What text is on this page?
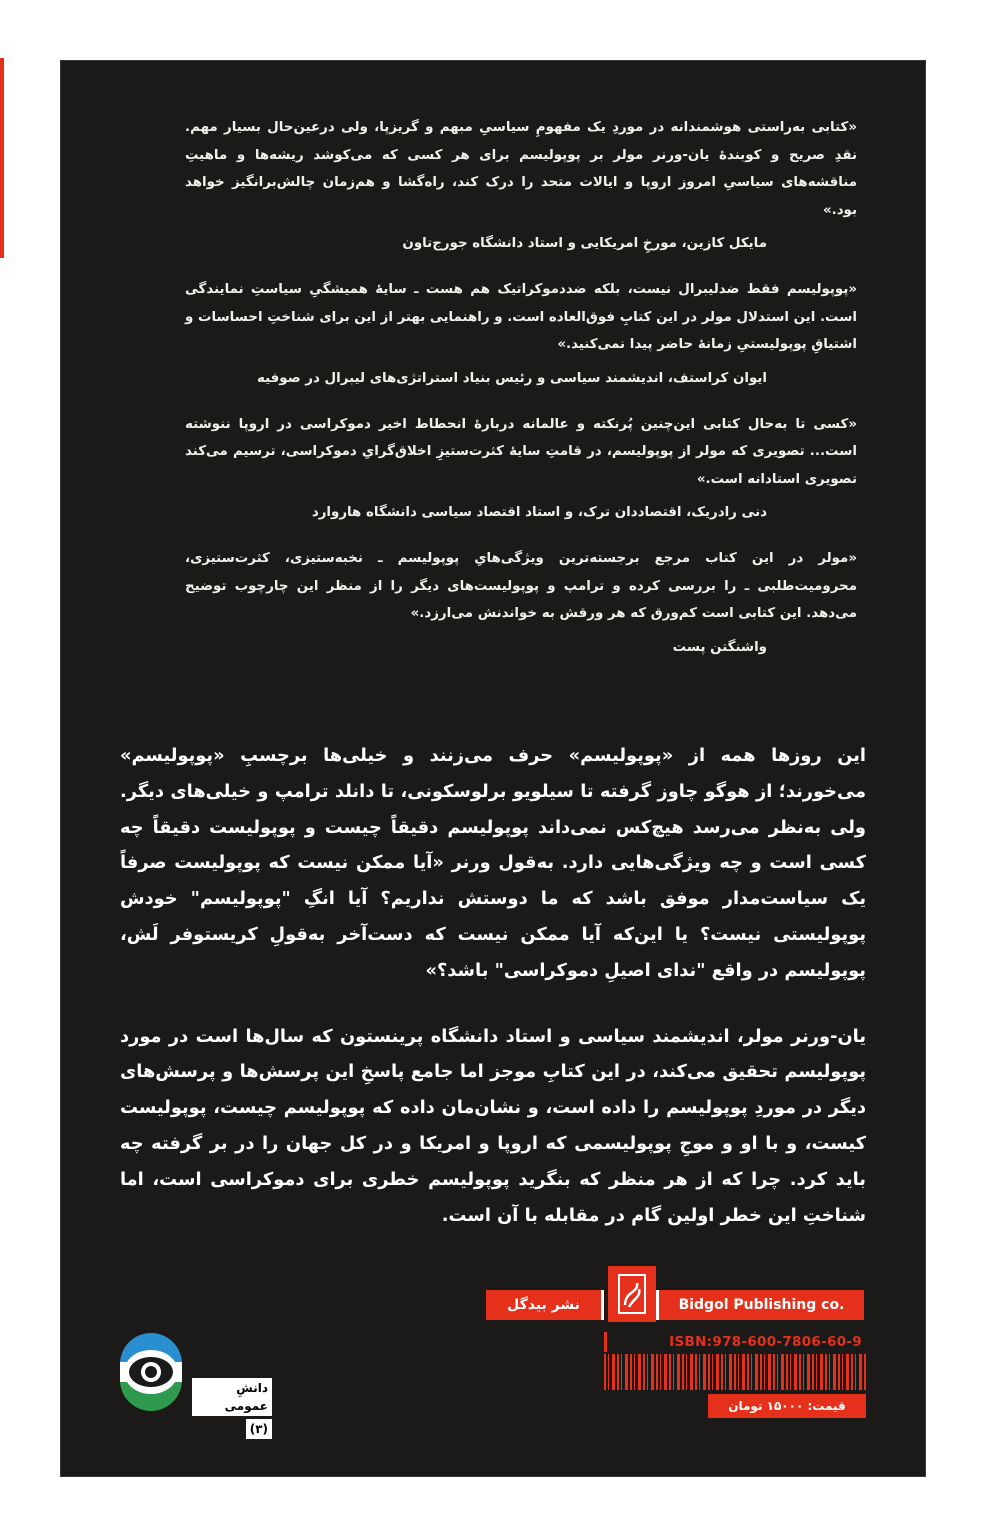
«کتابی به‌راستی هوشمندانه در موردِ یک مفهومِ سیاسیِ مبهم و گریزپا، ولی درعین‌حال بسیار مهم. نقدِ صریح و کوبندهٔ یان-ورنر مولر بر پوپولیسم برای هر کسی که می‌کوشد ریشه‌ها و ماهیتِ مناقشه‌های سیاسیِ امروز اروپا و ایالات متحد را درک کند، راه‌گشا و هم‌زمان چالش‌برانگیز خواهد بود.»

مایکل کازین، مورخِ امریکایی و استاد دانشگاه جورج‌تاون

«پوپولیسم فقط ضدلیبرال نیست، بلکه ضددموکراتیک هم هست ـ سایهٔ همیشگیِ سیاستِ نمایندگی است. این استدلال مولر در این کتابِ فوق‌العاده است. و راهنمایی بهتر از این برای شناختِ احساسات و اشتیاقِ پوپولیستیِ زمانهٔ حاضر پیدا نمی‌کنید.»

ایوان کراستف، اندیشمند سیاسی و رئیس بنیاد استراتژی‌های لیبرال در صوفیه

«کسی تا به‌حال کتابی این‌چنین پُرنکته و عالمانه دربارهٔ انحطاط اخیر دموکراسی در اروپا ننوشته است... تصویری که مولر از پوپولیسم، در قامتِ سایهٔ کثرت‌ستیزِ اخلاق‌گرایِ دموکراسی، ترسیم می‌کند تصویری استادانه است.»

دنی رادریک، اقتصاددان ترک، و استاد اقتصاد سیاسی دانشگاه هاروارد

«مولر در این کتاب مرجع برجسته‌ترین ویژگی‌هایِ پوپولیسم ـ نخبه‌ستیزی، کثرت‌ستیزی، محرومیت‌طلبی ـ را بررسی کرده و ترامپ و پوپولیست‌های دیگر را از منظر این چارچوب توضیح می‌دهد. این کتابی است کم‌ورق که هر ورقش به خواندنش می‌ارزد.»

واشنگتن پست

این روزها همه از «پوپولیسم» حرف می‌زنند و خیلی‌ها برچسبِ «پوپولیسم» می‌خورند؛ از هوگو چاوز گرفته تا سیلویو برلوسکونی، تا دانلد ترامپ و خیلی‌های دیگر. ولی به‌نظر می‌رسد هیچ‌کس نمی‌داند پوپولیسم دقیقاً چیست و پوپولیست دقیقاً چه کسی است و چه ویژگی‌هایی دارد. به‌قول ورنر «آیا ممکن نیست که پوپولیست صرفاً یک سیاست‌مدار موفق باشد که ما دوستش نداریم؟ آیا انگِ "پوپولیسم" خودش پوپولیستی نیست؟ یا این‌که آیا ممکن نیست که دست‌آخر به‌قولِ کریستوفر لَش، پوپولیسم در واقع "ندای اصیلِ دموکراسی" باشد؟»

یان-ورنر مولر، اندیشمند سیاسی و استاد دانشگاه پرینستون که سال‌ها است در مورد پوپولیسم تحقیق می‌کند، در این کتابِ موجز اما جامع پاسخِ این پرسش‌ها و پرسش‌های دیگر در موردِ پوپولیسم را داده است، و نشان‌مان داده که پوپولیسم چیست، پوپولیست کیست، و با او و موجِ پوپولیسمی که اروپا و امریکا و در کل جهان را در بر گرفته چه باید کرد. چرا که از هر منظر که بنگرید پوپولیسم خطری برای دموکراسی است، اما شناختِ این خطر اولین گام در مقابله با آن است.

نشر بیدگل	Bidgol Publishing co.
ISBN:978-600-7806-60-9
قیمت: ۱۵۰۰۰ تومان
دانشِ عمومی
(۳)
